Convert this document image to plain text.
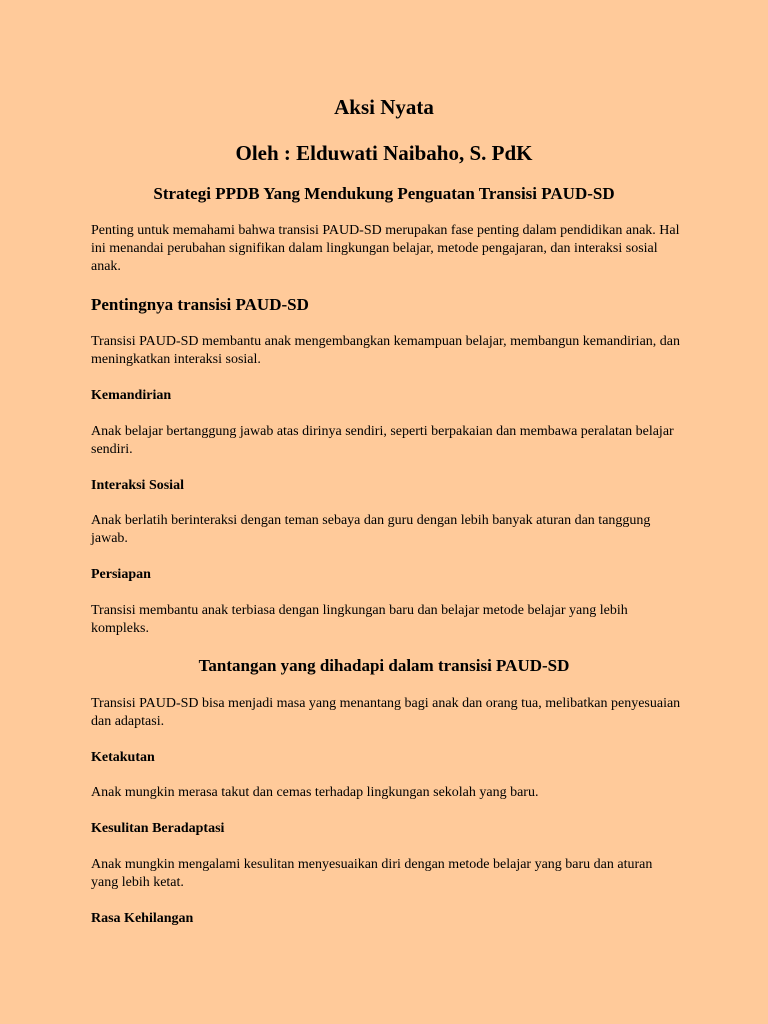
Aksi Nyata
Oleh : Elduwati Naibaho, S. PdK
Strategi PPDB Yang Mendukung Penguatan Transisi PAUD-SD

Penting untuk memahami bahwa transisi PAUD-SD merupakan fase penting dalam pendidikan anak. Hal ini menandai perubahan signifikan dalam lingkungan belajar, metode pengajaran, dan interaksi sosial anak.

Pentingnya transisi PAUD-SD

Transisi PAUD-SD membantu anak mengembangkan kemampuan belajar, membangun kemandirian, dan meningkatkan interaksi sosial.

Kemandirian

Anak belajar bertanggung jawab atas dirinya sendiri, seperti berpakaian dan membawa peralatan belajar sendiri.

Interaksi Sosial

Anak berlatih berinteraksi dengan teman sebaya dan guru dengan lebih banyak aturan dan tanggung jawab.

Persiapan

Transisi membantu anak terbiasa dengan lingkungan baru dan belajar metode belajar yang lebih kompleks.

Tantangan yang dihadapi dalam transisi PAUD-SD

Transisi PAUD-SD bisa menjadi masa yang menantang bagi anak dan orang tua, melibatkan penyesuaian dan adaptasi.

Ketakutan

Anak mungkin merasa takut dan cemas terhadap lingkungan sekolah yang baru.

Kesulitan Beradaptasi

Anak mungkin mengalami kesulitan menyesuaikan diri dengan metode belajar yang baru dan aturan yang lebih ketat.

Rasa Kehilangan
